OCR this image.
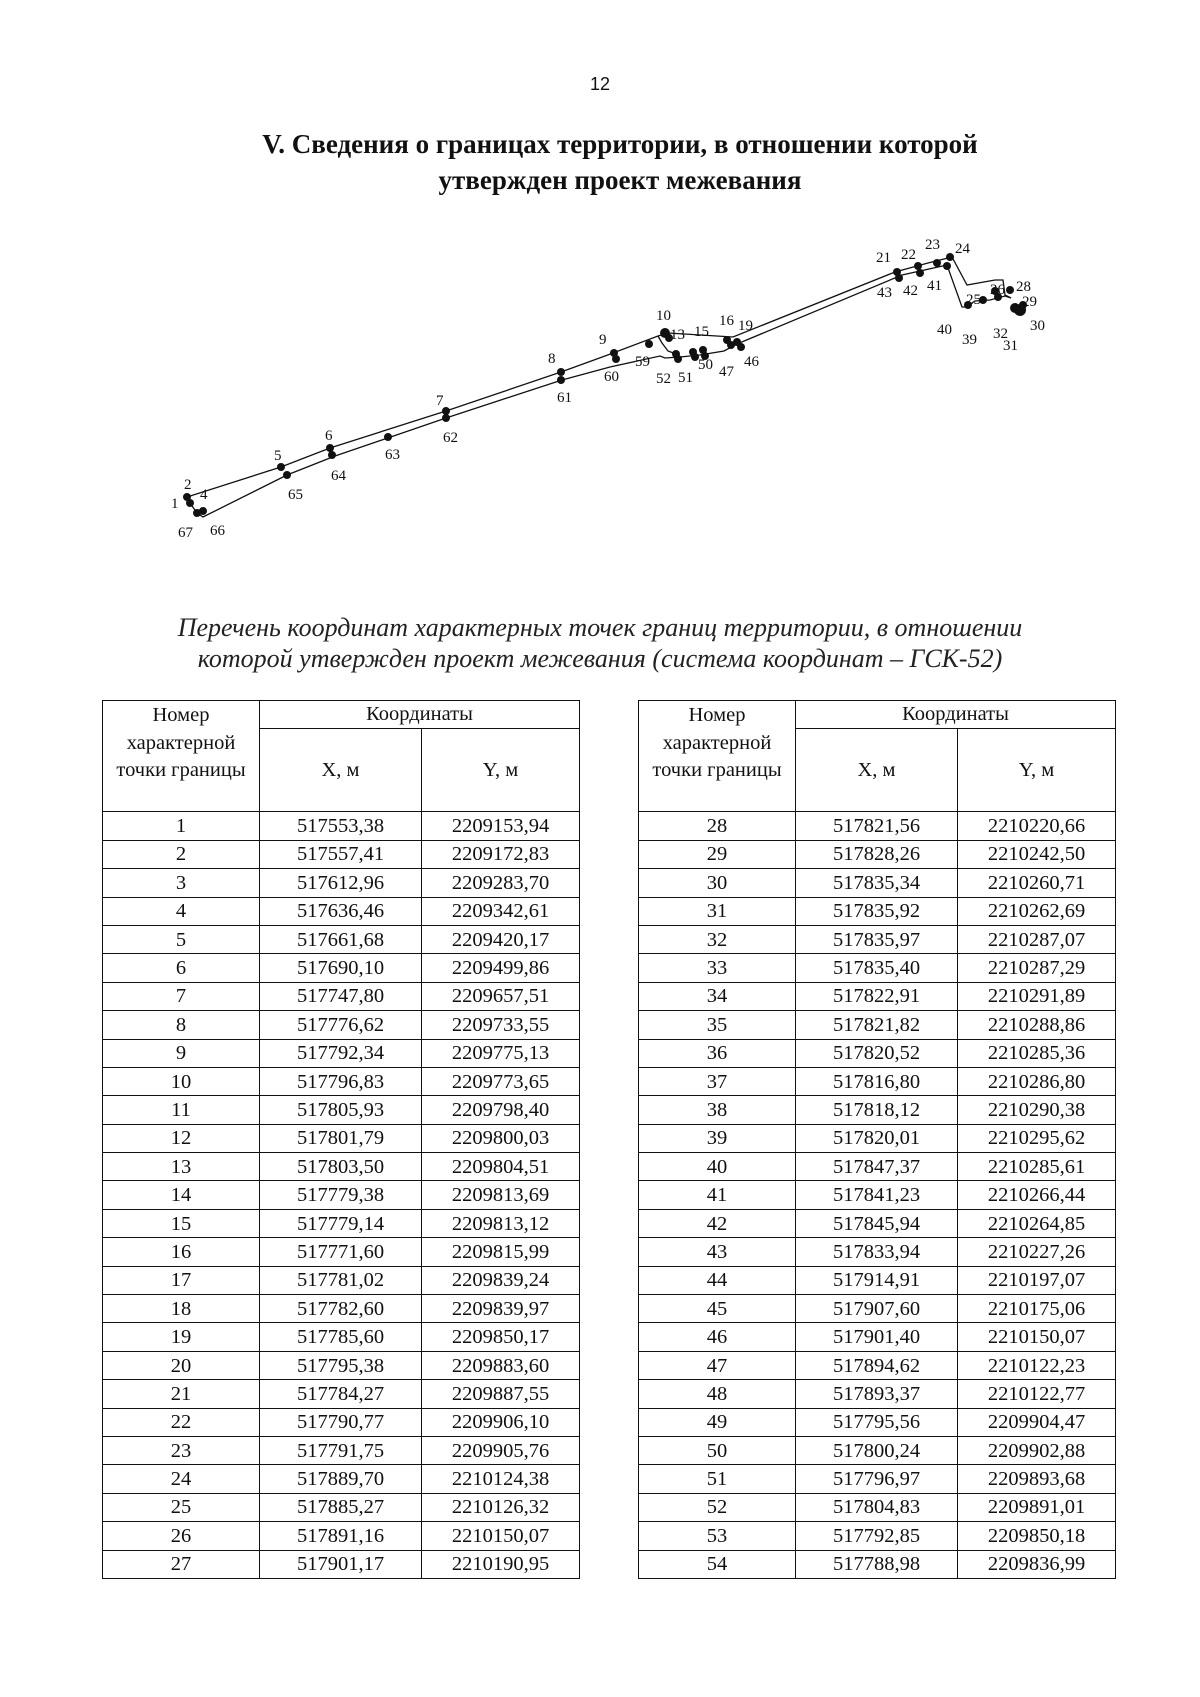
12
V. Сведения о границах территории, в отношении которой
утвержден проект межевания
1
2
4
67 66
5
65
6
64
63
7
62
8
61
9
60
59
10
52 51
13 15
50 47
16 19
46
21 22
23 24
43 42 41
25
26 28
29
40
39 32 30
31

Перечень координат характерных точек границ территории, в отношении
которой утвержден проект межевания (система координат – ГСК-52)

Номер характерной точки границы	Координаты	
	X, м	Y, м
1	517553,38	2209153,94
2	517557,41	2209172,83
3	517612,96	2209283,70
4	517636,46	2209342,61
5	517661,68	2209420,17
6	517690,10	2209499,86
7	517747,80	2209657,51
8	517776,62	2209733,55
9	517792,34	2209775,13
10	517796,83	2209773,65
11	517805,93	2209798,40
12	517801,79	2209800,03
13	517803,50	2209804,51
14	517779,38	2209813,69
15	517779,14	2209813,12
16	517771,60	2209815,99
17	517781,02	2209839,24
18	517782,60	2209839,97
19	517785,60	2209850,17
20	517795,38	2209883,60
21	517784,27	2209887,55
22	517790,77	2209906,10
23	517791,75	2209905,76
24	517889,70	2210124,38
25	517885,27	2210126,32
26	517891,16	2210150,07
27	517901,17	2210190,95
Номер характерной точки границы	Координаты	
	X, м	Y, м
28	517821,56	2210220,66
29	517828,26	2210242,50
30	517835,34	2210260,71
31	517835,92	2210262,69
32	517835,97	2210287,07
33	517835,40	2210287,29
34	517822,91	2210291,89
35	517821,82	2210288,86
36	517820,52	2210285,36
37	517816,80	2210286,80
38	517818,12	2210290,38
39	517820,01	2210295,62
40	517847,37	2210285,61
41	517841,23	2210266,44
42	517845,94	2210264,85
43	517833,94	2210227,26
44	517914,91	2210197,07
45	517907,60	2210175,06
46	517901,40	2210150,07
47	517894,62	2210122,23
48	517893,37	2210122,77
49	517795,56	2209904,47
50	517800,24	2209902,88
51	517796,97	2209893,68
52	517804,83	2209891,01
53	517792,85	2209850,18
54	517788,98	2209836,99
